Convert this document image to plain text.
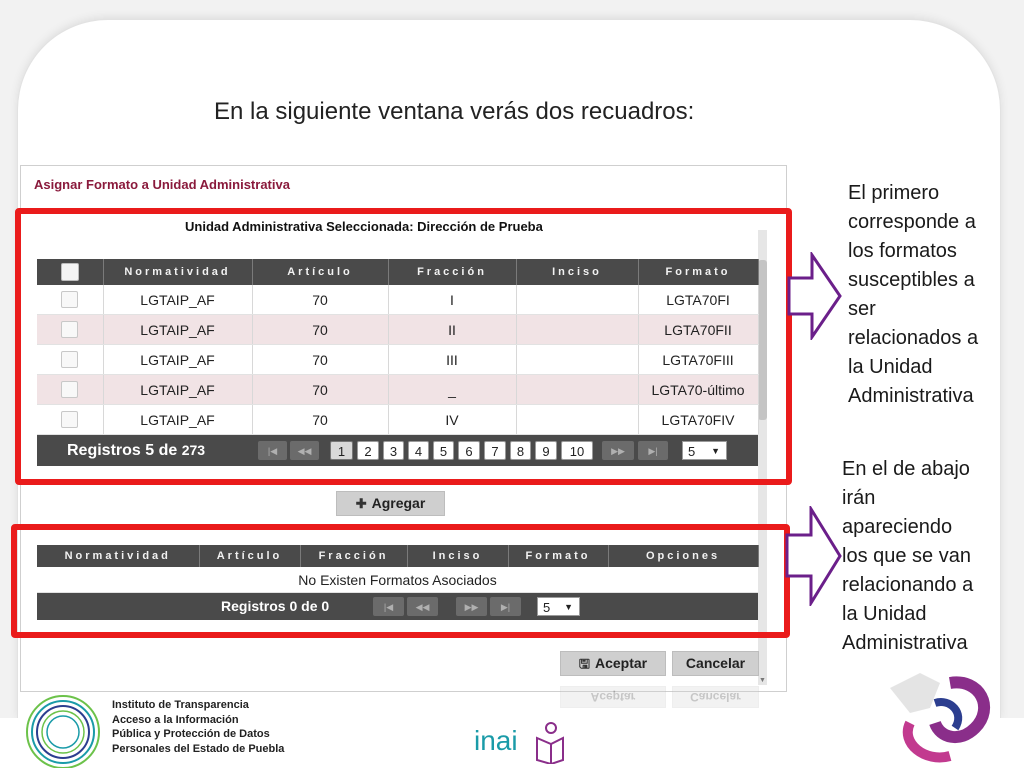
En la siguiente ventana verás dos recuadros:
Asignar Formato a Unidad Administrativa
▼
Unidad Administrativa Seleccionada: Dirección de Prueba
	Normatividad	Artículo	Fracción	Inciso	Formato
	LGTAIP_AF	70	I		LGTA70FI
	LGTAIP_AF	70	II		LGTA70FII
	LGTAIP_AF	70	III		LGTA70FIII
	LGTAIP_AF	70	_		LGTA70-último
	LGTAIP_AF	70	IV		LGTA70FIV
Registros 5 de 273	|◀	◀◀	1	2	3	4	5	6	7	8	9	10	▶▶	▶|	5 ▼
✚ Agregar
Normatividad	Artículo	Fracción	Inciso	Formato	Opciones
No Existen Formatos Asociados
Registros 0 de 0	|◀	◀◀	▶▶	▶|	5 ▼
🖫 Aceptar	Cancelar
Aceptar	Cancelar
El primero
corresponde a
los formatos
susceptibles a
ser
relacionados a
la Unidad
Administrativa
En el de abajo
irán
apareciendo
los que se van
relacionando a
la Unidad
Administrativa
Instituto de Transparencia
Acceso a la Información
Pública y Protección de Datos
Personales del Estado de Puebla	inai
